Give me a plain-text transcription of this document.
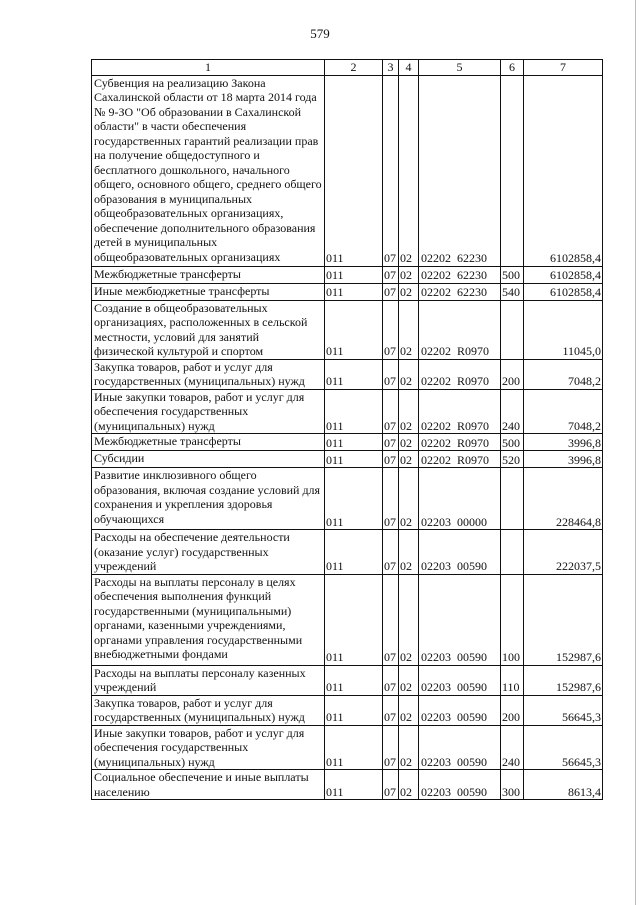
579
1	2	3	4	5	6	7
Субвенция на реализацию Закона Сахалинской области от 18 марта 2014 года № 9-ЗО "Об образовании в Сахалинской области" в части обеспечения государственных гарантий реализации прав на получение общедоступного и бесплатного дошкольного, начального общего, основного общего, среднего общего образования в муниципальных общеобразовательных организациях, обеспечение дополнительного образования детей в муниципальных общеобразовательных организациях	011	07	02	02202  62230		6102858,4
Межбюджетные трансферты	011	07	02	02202  62230	500	6102858,4
Иные межбюджетные трансферты	011	07	02	02202  62230	540	6102858,4
Создание в общеобразовательных организациях, расположенных в сельской местности, условий для занятий физической культурой и спортом	011	07	02	02202  R0970		11045,0
Закупка товаров, работ и услуг для государственных (муниципальных) нужд	011	07	02	02202  R0970	200	7048,2
Иные закупки товаров, работ и услуг для обеспечения государственных (муниципальных) нужд	011	07	02	02202  R0970	240	7048,2
Межбюджетные трансферты	011	07	02	02202  R0970	500	3996,8
Субсидии	011	07	02	02202  R0970	520	3996,8
Развитие инклюзивного общего образования, включая создание условий для сохранения и укрепления здоровья обучающихся	011	07	02	02203  00000		228464,8
Расходы на обеспечение деятельности (оказание услуг) государственных учреждений	011	07	02	02203  00590		222037,5
Расходы на выплаты персоналу в целях обеспечения выполнения функций государственными (муниципальными) органами, казенными учреждениями, органами управления государственными внебюджетными фондами	011	07	02	02203  00590	100	152987,6
Расходы на выплаты персоналу казенных учреждений	011	07	02	02203  00590	110	152987,6
Закупка товаров, работ и услуг для государственных (муниципальных) нужд	011	07	02	02203  00590	200	56645,3
Иные закупки товаров, работ и услуг для обеспечения государственных (муниципальных) нужд	011	07	02	02203  00590	240	56645,3
Социальное обеспечение и иные выплаты населению	011	07	02	02203  00590	300	8613,4
